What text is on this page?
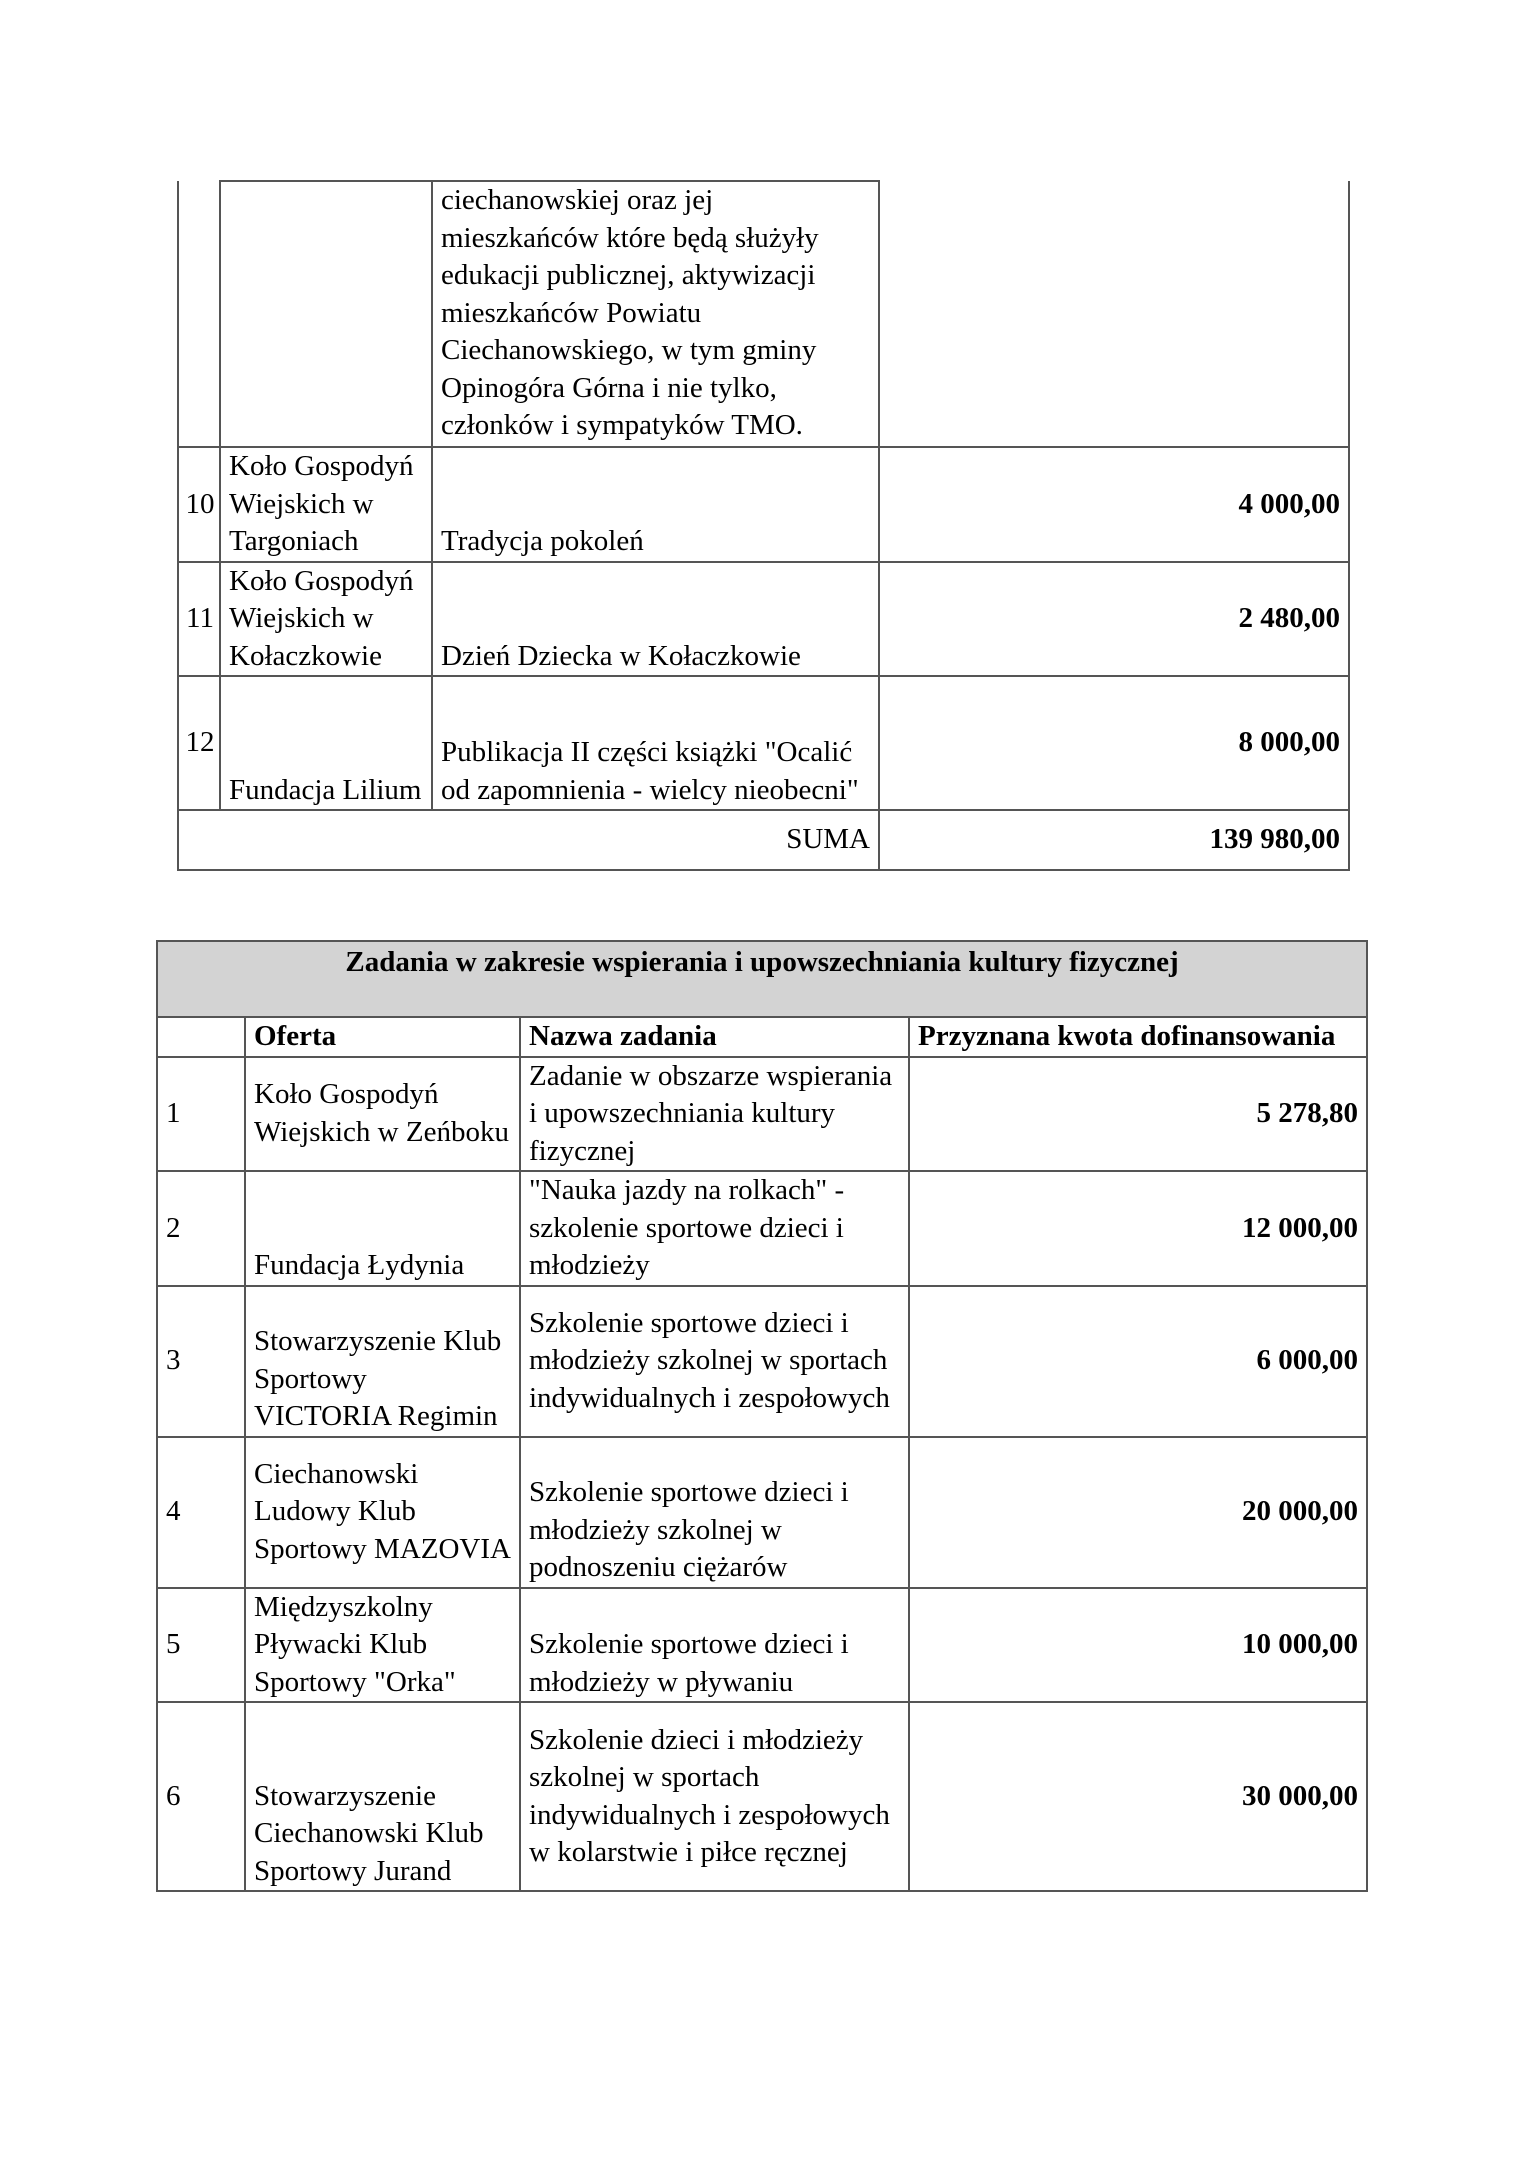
		ciechanowskiej oraz jej mieszkańców które będą służyły edukacji publicznej, aktywizacji mieszkańców Powiatu Ciechanowskiego, w tym gminy Opinogóra Górna i nie tylko, członków i sympatyków TMO.	
10	Koło Gospodyń Wiejskich w Targoniach	Tradycja pokoleń	4 000,00
11	Koło Gospodyń Wiejskich w Kołaczkowie	Dzień Dziecka w Kołaczkowie	2 480,00
12	Fundacja Lilium	Publikacja II części książki "Ocalić od zapomnienia - wielcy nieobecni"	8 000,00
SUMA			139 980,00
Zadania w zakresie wspierania i upowszechniania kultury fizycznej			
	Oferta	Nazwa zadania	Przyznana kwota dofinansowania
1	Koło Gospodyń Wiejskich w Zeńboku	Zadanie w obszarze wspierania i upowszechniania kultury fizycznej	5 278,80
2	Fundacja Łydynia	"Nauka jazdy na rolkach" - szkolenie sportowe dzieci i młodzieży	12 000,00
3	Stowarzyszenie Klub Sportowy VICTORIA Regimin	Szkolenie sportowe dzieci i młodzieży szkolnej w sportach indywidualnych i zespołowych	6 000,00
4	Ciechanowski Ludowy Klub Sportowy MAZOVIA	Szkolenie sportowe dzieci i młodzieży szkolnej w podnoszeniu ciężarów	20 000,00
5	Międzyszkolny Pływacki Klub Sportowy "Orka"	Szkolenie sportowe dzieci i młodzieży w pływaniu	10 000,00
6	Stowarzyszenie Ciechanowski Klub Sportowy Jurand	Szkolenie dzieci i młodzieży szkolnej w sportach indywidualnych i zespołowych w kolarstwie i piłce ręcznej	30 000,00
